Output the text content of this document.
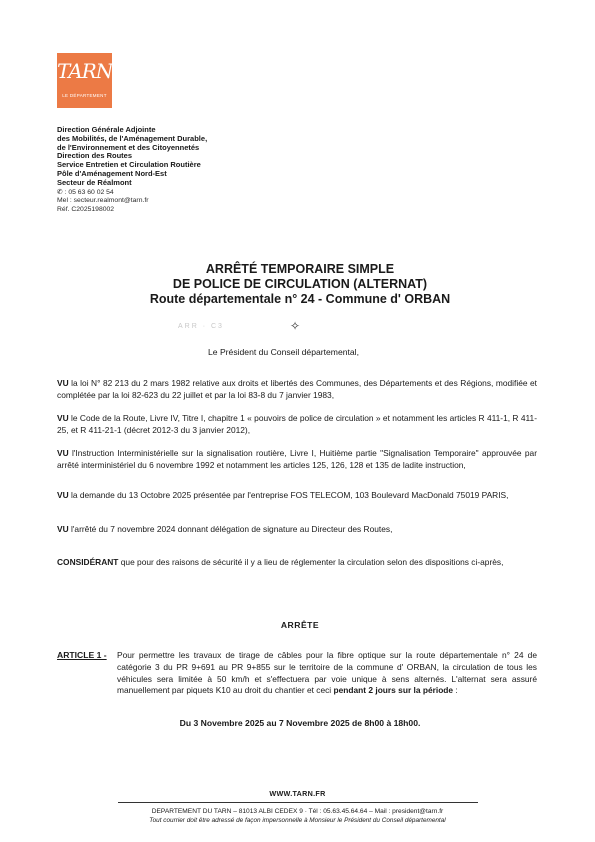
TARN
LE DÉPARTEMENT
Direction Générale Adjointe
des Mobilités, de l'Aménagement Durable,
de l'Environnement et des Citoyennetés
Direction des Routes
Service Entretien et Circulation Routière
Pôle d'Aménagement Nord-Est
Secteur de Réalmont
✆ : 05 63 60 02 54
Mel : secteur.realmont@tarn.fr
Réf. C2025198002
ARRÊTÉ TEMPORAIRE SIMPLE
DE POLICE DE CIRCULATION (ALTERNAT)
Route départementale n° 24 - Commune d' ORBAN
ARR · C3	✧
Le Président du Conseil départemental,
VU la loi N° 82 213 du 2 mars 1982 relative aux droits et libertés des Communes, des Départements et des Régions, modifiée et complétée par la loi 82-623 du 22 juillet et par la loi 83-8 du 7 janvier 1983,
VU le Code de la Route, Livre IV, Titre I, chapitre 1 « pouvoirs de police de circulation » et notamment les articles R 411-1, R 411-25, et R 411-21-1 (décret 2012-3 du 3 janvier 2012),
VU l'Instruction Interministérielle sur la signalisation routière, Livre I, Huitième partie "Signalisation Temporaire" approuvée par arrêté interministériel du 6 novembre 1992 et notamment les articles 125, 126, 128 et 135 de ladite instruction,
VU la demande du 13 Octobre 2025 présentée par l'entreprise FOS TELECOM, 103 Boulevard MacDonald 75019 PARIS,
VU l'arrêté du 7 novembre 2024 donnant délégation de signature au Directeur des Routes,
CONSIDÉRANT que pour des raisons de sécurité il y a lieu de réglementer la circulation selon des dispositions ci-après,
ARRÊTE
ARTICLE 1 - Pour permettre les travaux de tirage de câbles pour la fibre optique sur la route départementale n° 24 de catégorie 3 du PR 9+691 au PR 9+855 sur le territoire de la commune d' ORBAN, la circulation de tous les véhicules sera limitée à 50 km/h et s'effectuera par voie unique à sens alternés. L'alternat sera assuré manuellement par piquets K10 au droit du chantier et ceci pendant 2 jours sur la période :
Du 3 Novembre 2025 au 7 Novembre 2025 de 8h00 à 18h00.
WWW.TARN.FR
DEPARTEMENT DU TARN – 81013 ALBI CEDEX 9 · Tél : 05.63.45.64.64 – Mail : president@tarn.fr
Tout courrier doit être adressé de façon impersonnelle à Monsieur le Président du Conseil départemental
